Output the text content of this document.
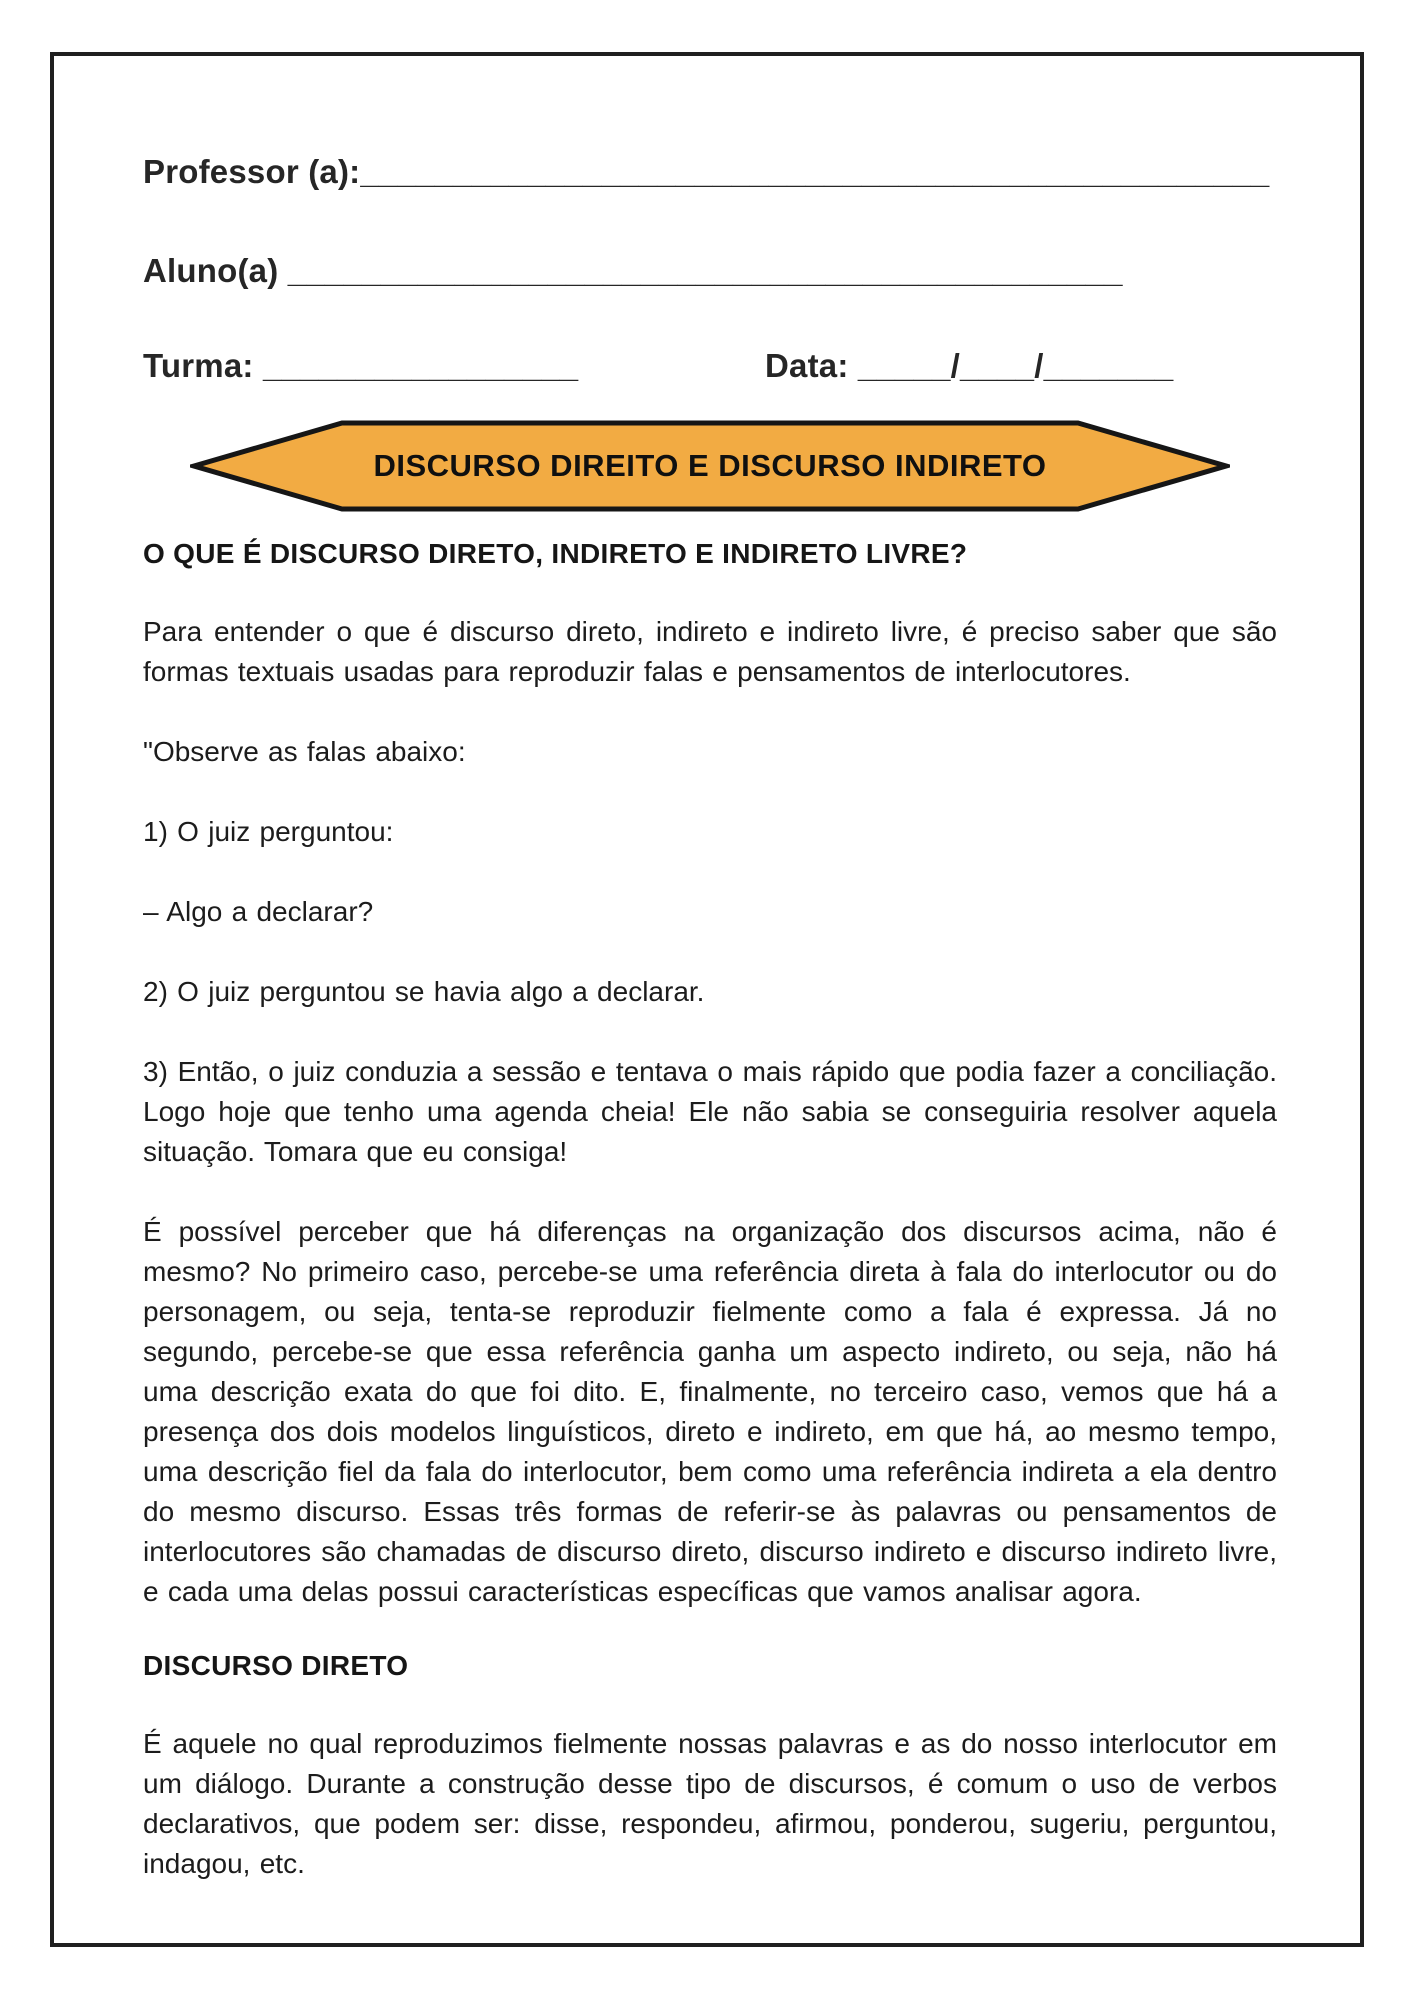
Professor (a):_________________________________________________
Aluno(a) _____________________________________________
Turma: _________________	Data: _____/____/_______
DISCURSO DIREITO E DISCURSO INDIRETO
O QUE É DISCURSO DIRETO, INDIRETO E INDIRETO LIVRE?

Para entender o que é discurso direto, indireto e indireto livre, é preciso saber que são formas textuais usadas para reproduzir falas e pensamentos de interlocutores.

"Observe as falas abaixo:

1) O juiz perguntou:

– Algo a declarar?

2) O juiz perguntou se havia algo a declarar.

3) Então, o juiz conduzia a sessão e tentava o mais rápido que podia fazer a conciliação. Logo hoje que tenho uma agenda cheia! Ele não sabia se conseguiria resolver aquela situação. Tomara que eu consiga!

É possível perceber que há diferenças na organização dos discursos acima, não é mesmo? No primeiro caso, percebe-se uma referência direta à fala do interlocutor ou do personagem, ou seja, tenta-se reproduzir fielmente como a fala é expressa. Já no segundo, percebe-se que essa referência ganha um aspecto indireto, ou seja, não há uma descrição exata do que foi dito. E, finalmente, no terceiro caso, vemos que há a presença dos dois modelos linguísticos, direto e indireto, em que há, ao mesmo tempo, uma descrição fiel da fala do interlocutor, bem como uma referência indireta a ela dentro do mesmo discurso. Essas três formas de referir-se às palavras ou pensamentos de interlocutores são chamadas de discurso direto, discurso indireto e discurso indireto livre, e cada uma delas possui características específicas que vamos analisar agora.

DISCURSO DIRETO

É aquele no qual reproduzimos fielmente nossas palavras e as do nosso interlocutor em um diálogo. Durante a construção desse tipo de discursos, é comum o uso de verbos declarativos, que podem ser: disse, respondeu, afirmou, ponderou, sugeriu, perguntou, indagou, etc.
